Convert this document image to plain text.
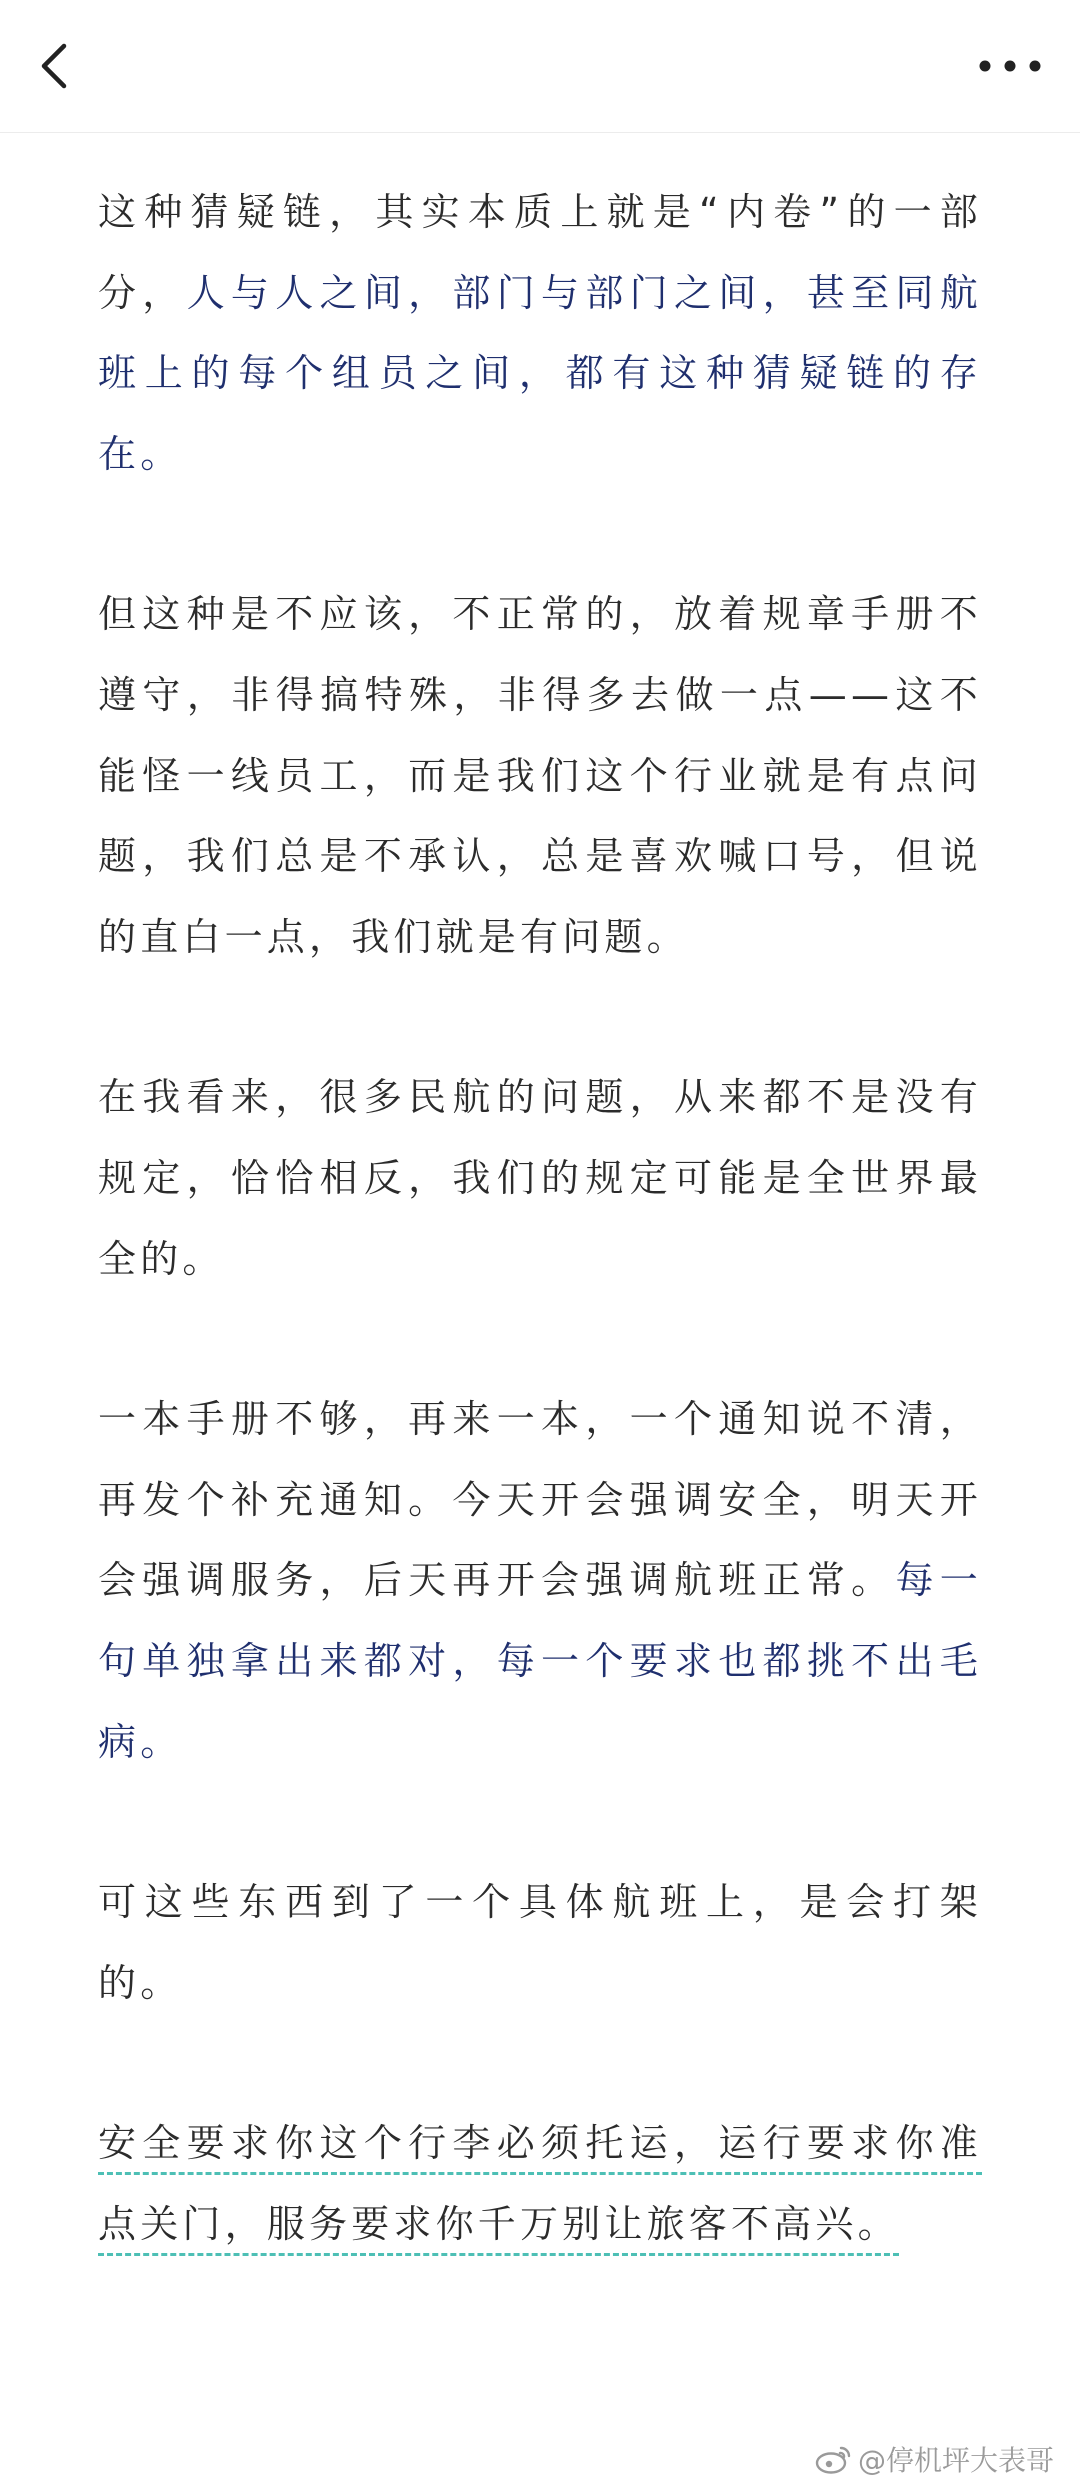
这种猜疑链，其实本质上就是“内卷”的一部分，人与人之间，部门与部门之间，甚至同航班上的每个组员之间，都有这种猜疑链的存在。

但这种是不应该，不正常的，放着规章手册不遵守，非得搞特殊，非得多去做一点——这不能怪一线员工，而是我们这个行业就是有点问题，我们总是不承认，总是喜欢喊口号，但说的直白一点，我们就是有问题。

在我看来，很多民航的问题，从来都不是没有规定，恰恰相反，我们的规定可能是全世界最全的。

一本手册不够，再来一本，一个通知说不清，再发个补充通知。今天开会强调安全，明天开会强调服务，后天再开会强调航班正常。每一句单独拿出来都对，每一个要求也都挑不出毛病。

可这些东西到了一个具体航班上，是会打架的。

安全要求你这个行李必须托运，运行要求你准点关门，服务要求你千万别让旅客不高兴。

@停机坪大表哥
